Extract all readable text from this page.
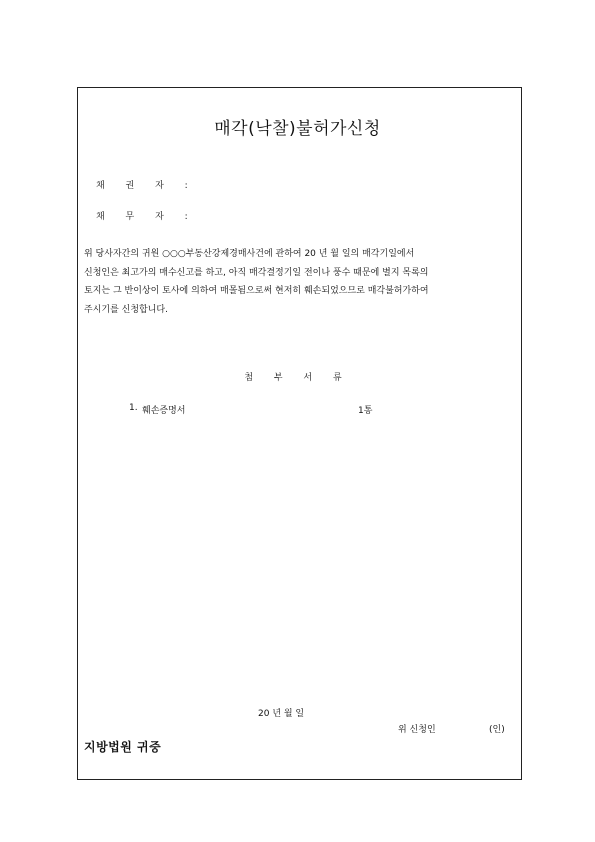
매각(낙찰)불허가신청
채 권 자 :
채 무 자 :

위 당사자간의 귀원 ○○○부동산강제경매사건에 관하여 20 년 월 일의 매각기일에서

신청인은 최고가의 매수신고를 하고, 아직 매각결정기일 전이나 풍수 때문에 별지 목록의

토지는 그 반이상이 토사에 의하여 매몰됨으로써 현저히 훼손되었으므로 매각불허가하여

주시기를 신청합니다.

첨 부 서 류
1. 훼손증명서	1통
20 년 월 일
위 신청인	(인)
지방법원 귀중
